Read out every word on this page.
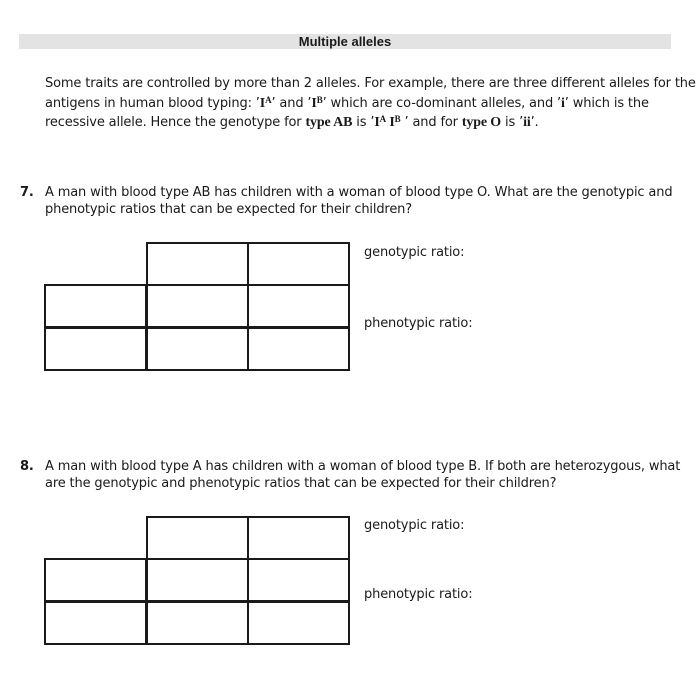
Multiple alleles
Some traits are controlled by more than 2 alleles. For example, there are three different alleles for the
antigens in human blood typing: $’I^A$’ and $’I^B$’ which are co-dominant alleles, and ’i’ which is the
recessive allele. Hence the genotype for type AB is $’I^A$ $I^B$ ’ and for type O is ’ii’.
7. A man with blood type AB has children with a woman of blood type O. What are the genotypic and
phenotypic ratios that can be expected for their children?
genotypic ratio:
phenotypic ratio:
8. A man with blood type A has children with a woman of blood type B. If both are heterozygous, what
are the genotypic and phenotypic ratios that can be expected for their children?
genotypic ratio:
phenotypic ratio:
